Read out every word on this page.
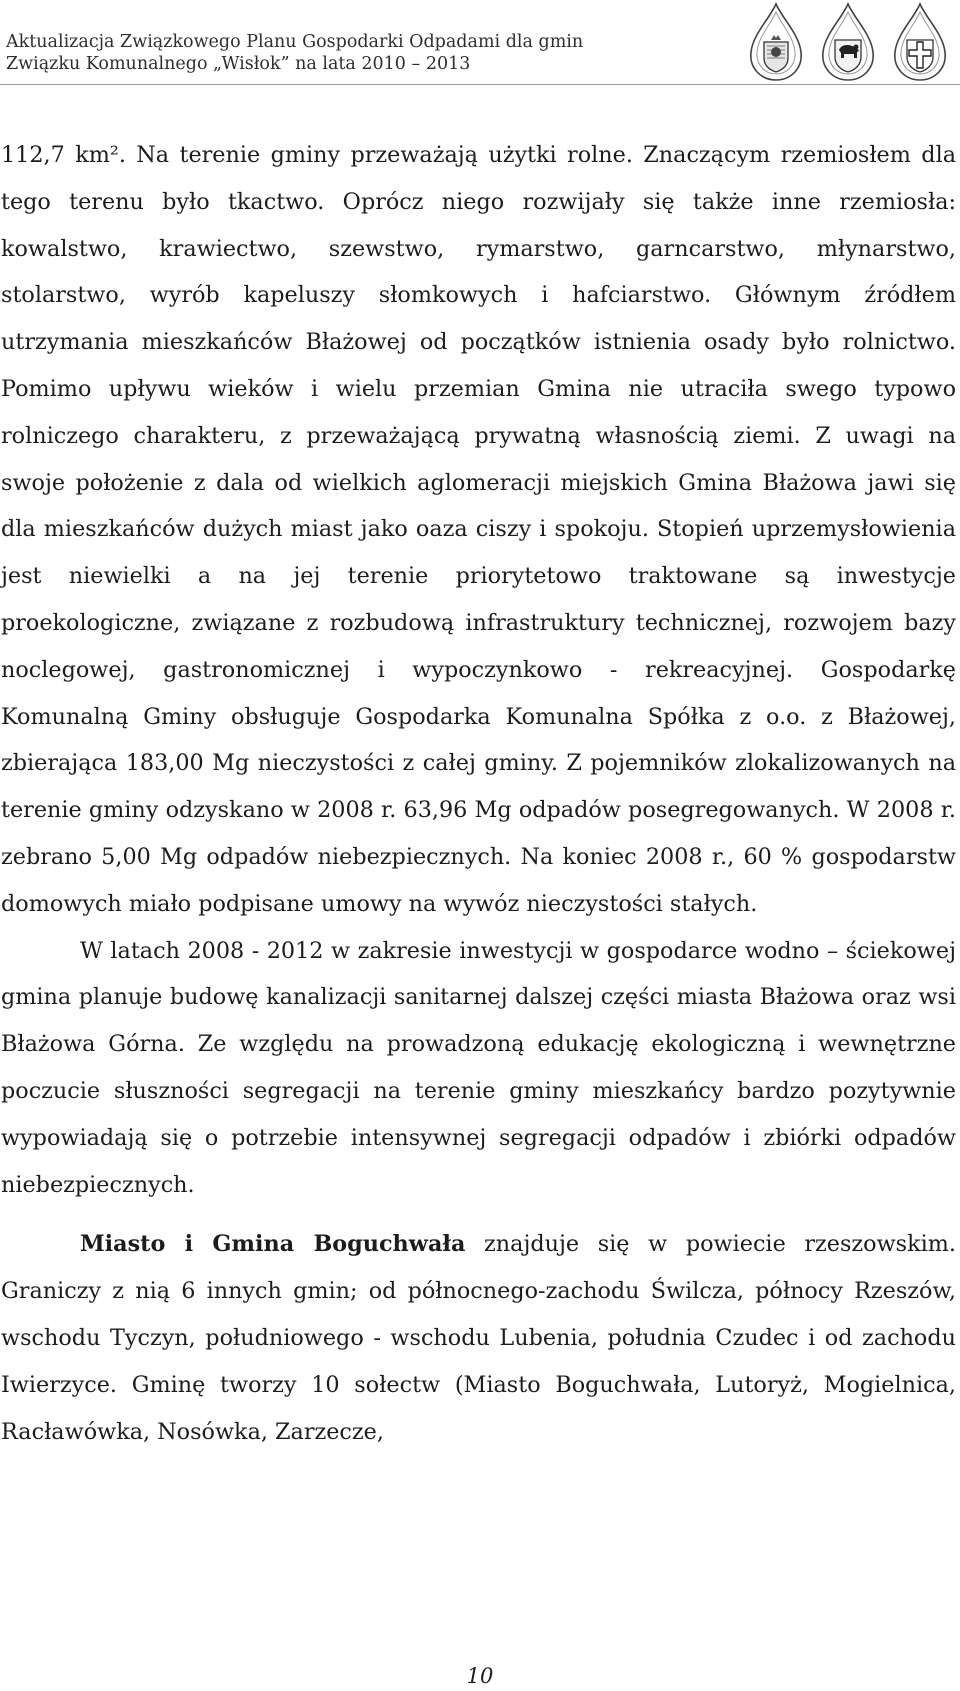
Aktualizacja Związkowego Planu Gospodarki Odpadami dla gmin
Związku Komunalnego „Wisłok” na lata 2010 – 2013

112,7 km². Na terenie gminy przeważają użytki rolne. Znaczącym rzemiosłem dla tego terenu było tkactwo. Oprócz niego rozwijały się także inne rzemiosła: kowalstwo, krawiectwo, szewstwo, rymarstwo, garncarstwo, młynarstwo, stolarstwo, wyrób kapeluszy słomkowych i hafciarstwo. Głównym źródłem utrzymania mieszkańców Błażowej od początków istnienia osady było rolnictwo. Pomimo upływu wieków i wielu przemian Gmina nie utraciła swego typowo rolniczego charakteru, z przeważającą prywatną własnością ziemi. Z uwagi na swoje położenie z dala od wielkich aglomeracji miejskich Gmina Błażowa jawi się dla mieszkańców dużych miast jako oaza ciszy i spokoju. Stopień uprzemysłowienia jest niewielki a na jej terenie priorytetowo traktowane są inwestycje proekologiczne, związane z rozbudową infrastruktury technicznej, rozwojem bazy noclegowej, gastronomicznej i wypoczynkowo - rekreacyjnej. Gospodarkę Komunalną Gminy obsługuje Gospodarka Komunalna Spółka z o.o. z Błażowej, zbierająca 183,00 Mg nieczystości z całej gminy. Z pojemników zlokalizowanych na terenie gminy odzyskano w 2008 r. 63,96 Mg odpadów posegregowanych. W 2008 r. zebrano 5,00 Mg odpadów niebezpiecznych. Na koniec 2008 r., 60 % gospodarstw domowych miało podpisane umowy na wywóz nieczystości stałych.

W latach 2008 - 2012 w zakresie inwestycji w gospodarce wodno – ściekowej gmina planuje budowę kanalizacji sanitarnej dalszej części miasta Błażowa oraz wsi Błażowa Górna. Ze względu na prowadzoną edukację ekologiczną i wewnętrzne poczucie słuszności segregacji na terenie gminy mieszkańcy bardzo pozytywnie wypowiadają się o potrzebie intensywnej segregacji odpadów i zbiórki odpadów niebezpiecznych.

Miasto i Gmina Boguchwała znajduje się w powiecie rzeszowskim. Graniczy z nią 6 innych gmin; od północnego-zachodu Świlcza, północy Rzeszów, wschodu Tyczyn, południowego - wschodu Lubenia, południa Czudec i od zachodu Iwierzyce. Gminę tworzy 10 sołectw (Miasto Boguchwała, Lutoryż, Mogielnica, Racławówka, Nosówka, Zarzecze,

10
